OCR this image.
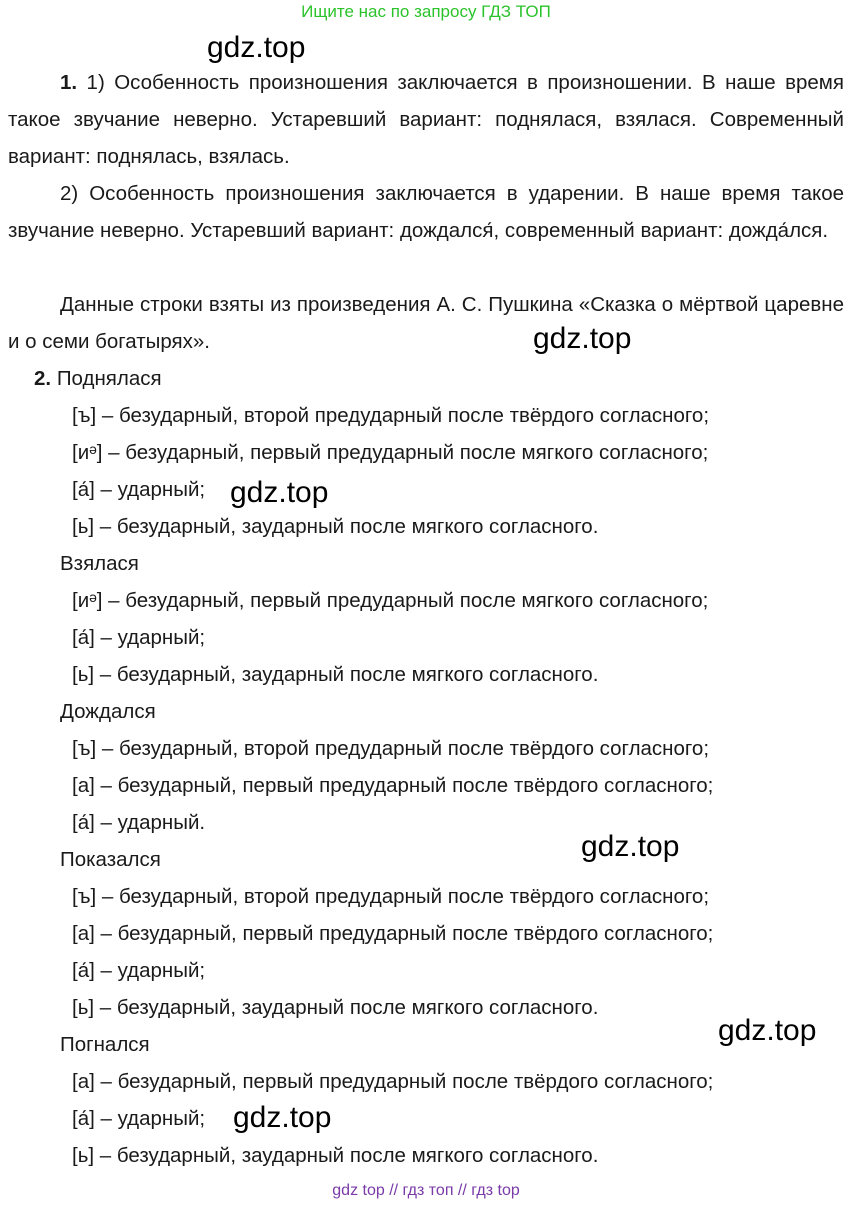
Ищите нас по запросу ГДЗ ТОП
gdz.top
gdz.top
gdz.top
gdz.top
gdz.top
gdz.top
1. 1) Особенность произношения заключается в произношении. В наше время такое звучание неверно. Устаревший вариант: поднялася, взялася. Современный вариант: поднялась, взялась.
2) Особенность произношения заключается в ударении. В наше время такое звучание неверно. Устаревший вариант: дождался́, современный вариант: дожда́лся.
Данные строки взяты из произведения А. С. Пушкина «Сказка о мёртвой царевне и о семи богатырях».
2. Поднялася
[ъ] – безударный, второй предударный после твёрдого согласного;
[иᵊ] – безударный, первый предударный после мягкого согласного;
[а́] – ударный;
[ь] – безударный, заударный после мягкого согласного.
Взялася
[иᵊ] – безударный, первый предударный после мягкого согласного;
[а́] – ударный;
[ь] – безударный, заударный после мягкого согласного.
Дождался
[ъ] – безударный, второй предударный после твёрдого согласного;
[а] – безударный, первый предударный после твёрдого согласного;
[а́] – ударный.
Показался
[ъ] – безударный, второй предударный после твёрдого согласного;
[а] – безударный, первый предударный после твёрдого согласного;
[а́] – ударный;
[ь] – безударный, заударный после мягкого согласного.
Погнался
[а] – безударный, первый предударный после твёрдого согласного;
[а́] – ударный;
[ь] – безударный, заударный после мягкого согласного.
gdz top // гдз топ // гдз top
